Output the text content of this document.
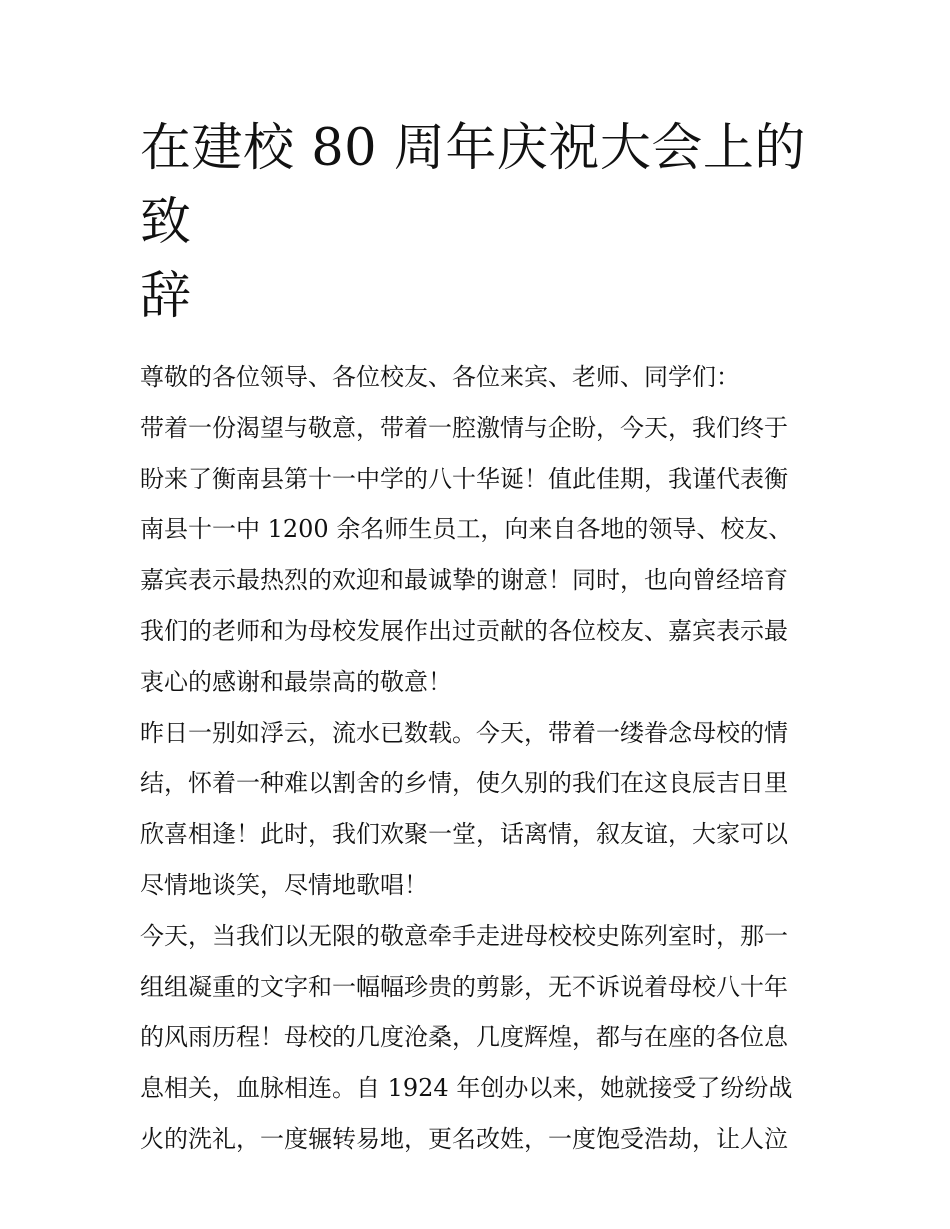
在建校 80 周年庆祝大会上的致
辞
尊敬的各位领导、各位校友、各位来宾、老师、同学们：
带着一份渴望与敬意，带着一腔激情与企盼，今天，我们终于
盼来了衡南县第十一中学的八十华诞！值此佳期，我谨代表衡
南县十一中 1200 余名师生员工，向来自各地的领导、校友、
嘉宾表示最热烈的欢迎和最诚挚的谢意！同时，也向曾经培育
我们的老师和为母校发展作出过贡献的各位校友、嘉宾表示最
衷心的感谢和最崇高的敬意！
昨日一别如浮云，流水已数载。今天，带着一缕眷念母校的情
结，怀着一种难以割舍的乡情，使久别的我们在这良辰吉日里
欣喜相逢！此时，我们欢聚一堂，话离情，叙友谊，大家可以
尽情地谈笑，尽情地歌唱！
今天，当我们以无限的敬意牵手走进母校校史陈列室时，那一
组组凝重的文字和一幅幅珍贵的剪影，无不诉说着母校八十年
的风雨历程！母校的几度沧桑，几度辉煌，都与在座的各位息
息相关，血脉相连。自 1924 年创办以来，她就接受了纷纷战
火的洗礼，一度辗转易地，更名改姓，一度饱受浩劫，让人泣
